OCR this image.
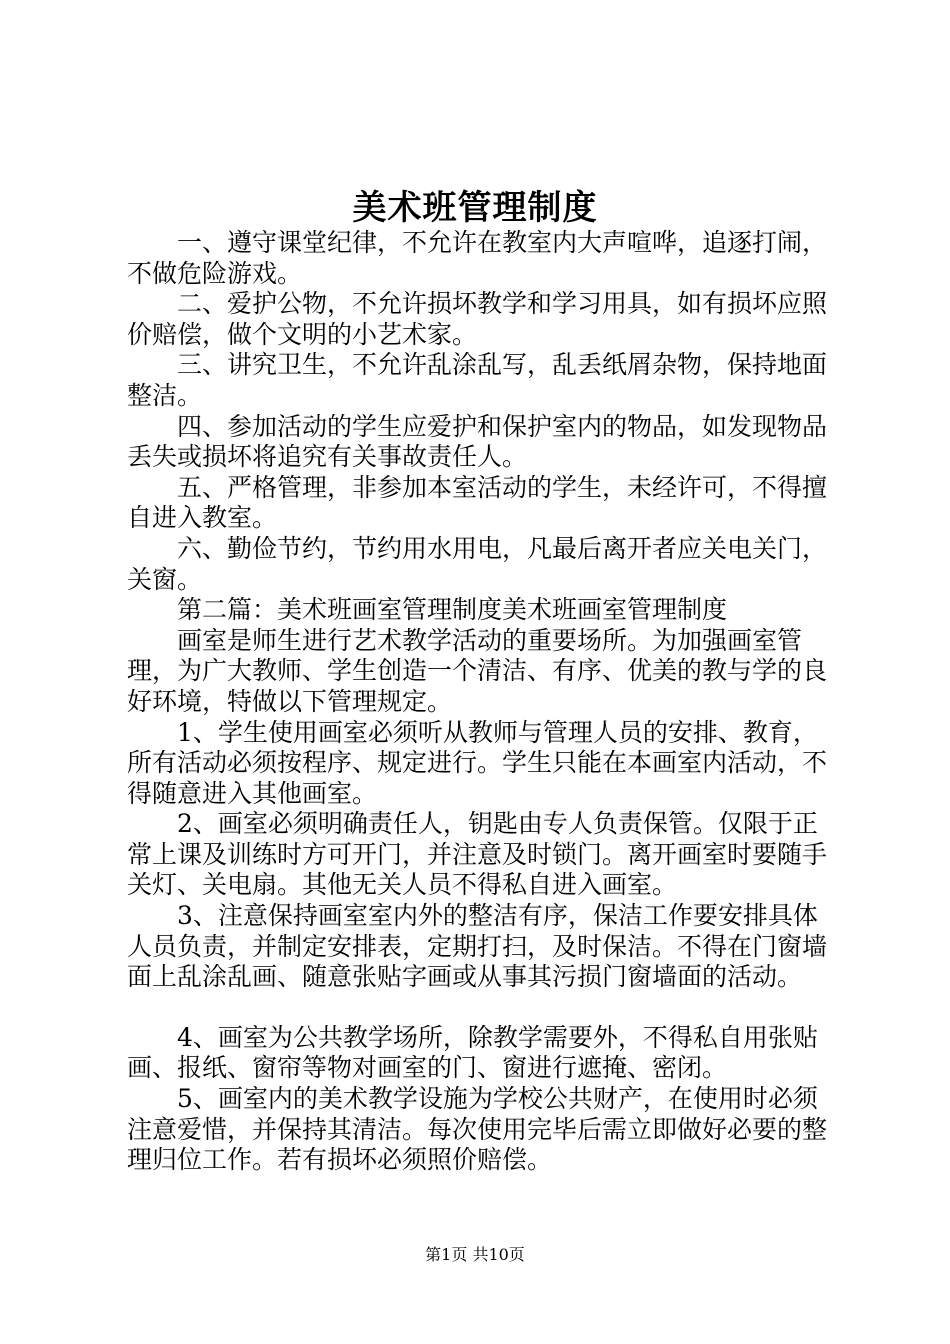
美术班管理制度

一、遵守课堂纪律，不允许在教室内大声喧哗，追逐打闹，不做危险游戏。

二、爱护公物，不允许损坏教学和学习用具，如有损坏应照价赔偿，做个文明的小艺术家。

三、讲究卫生，不允许乱涂乱写，乱丢纸屑杂物，保持地面整洁。

四、参加活动的学生应爱护和保护室内的物品，如发现物品丢失或损坏将追究有关事故责任人。

五、严格管理，非参加本室活动的学生，未经许可，不得擅自进入教室。

六、勤俭节约，节约用水用电，凡最后离开者应关电关门，关窗。

第二篇：美术班画室管理制度美术班画室管理制度

画室是师生进行艺术教学活动的重要场所。为加强画室管理，为广大教师、学生创造一个清洁、有序、优美的教与学的良好环境，特做以下管理规定。

1、学生使用画室必须听从教师与管理人员的安排、教育，所有活动必须按程序、规定进行。学生只能在本画室内活动，不得随意进入其他画室。

2、画室必须明确责任人，钥匙由专人负责保管。仅限于正常上课及训练时方可开门，并注意及时锁门。离开画室时要随手关灯、关电扇。其他无关人员不得私自进入画室。

3、注意保持画室室内外的整洁有序，保洁工作要安排具体人员负责，并制定安排表，定期打扫，及时保洁。不得在门窗墙面上乱涂乱画、随意张贴字画或从事其污损门窗墙面的活动。

4、画室为公共教学场所，除教学需要外，不得私自用张贴画、报纸、窗帘等物对画室的门、窗进行遮掩、密闭。

5、画室内的美术教学设施为学校公共财产，在使用时必须注意爱惜，并保持其清洁。每次使用完毕后需立即做好必要的整理归位工作。若有损坏必须照价赔偿。

第1页 共10页
